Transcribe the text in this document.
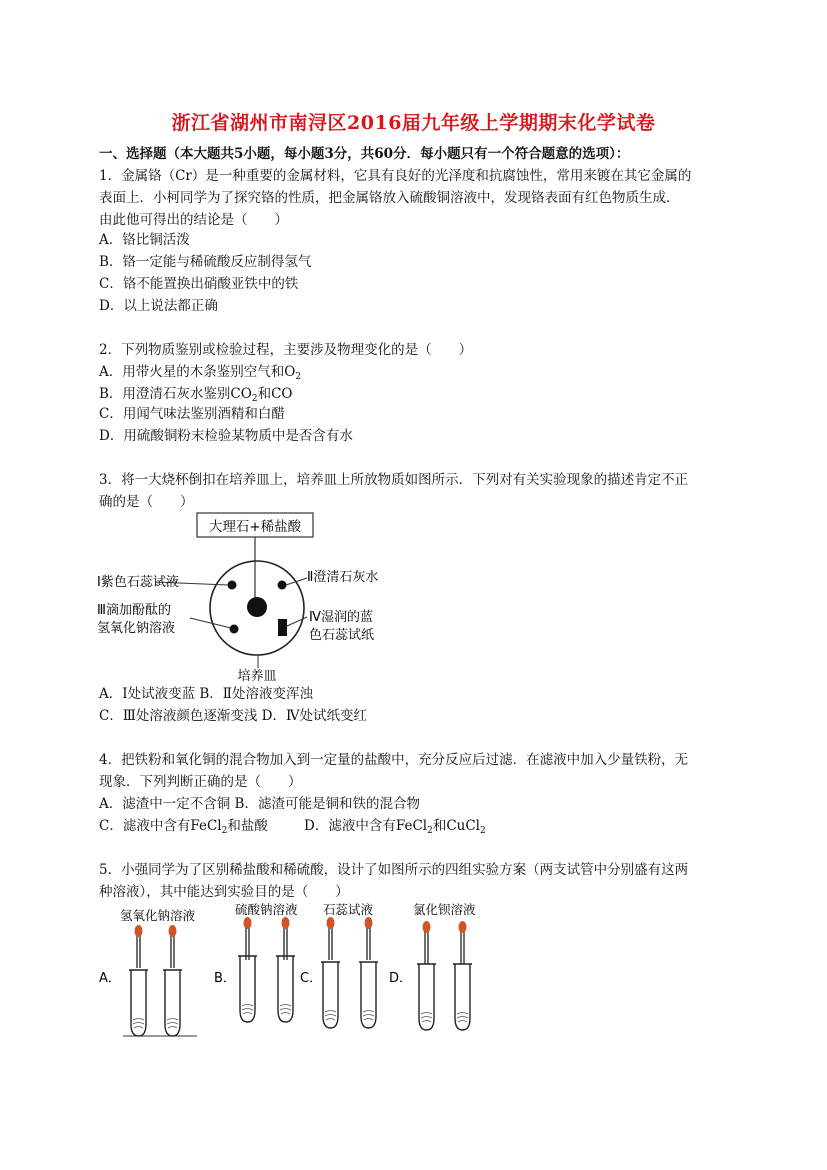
浙江省湖州市南浔区2016届九年级上学期期末化学试卷
一、选择题（本大题共5小题，每小题3分，共60分．每小题只有一个符合题意的选项）：
1．金属铬（Cr）是一种重要的金属材料，它具有良好的光泽度和抗腐蚀性，常用来镀在其它金属的
表面上．小柯同学为了探究铬的性质，把金属铬放入硫酸铜溶液中，发现铬表面有红色物质生成．
由此他可得出的结论是（　　）
A．铬比铜活泼
B．铬一定能与稀硫酸反应制得氢气
C．铬不能置换出硝酸亚铁中的铁
D．以上说法都正确
2．下列物质鉴别或检验过程，主要涉及物理变化的是（　　）
A．用带火星的木条鉴别空气和$O_2$
B．用澄清石灰水鉴别$CO_2$和CO
C．用闻气味法鉴别酒精和白醋
D．用硫酸铜粉末检验某物质中是否含有水
3．将一大烧杯倒扣在培养皿上，培养皿上所放物质如图所示．下列对有关实验现象的描述肯定不正
确的是（　　）
大理石+稀盐酸
Ⅰ紫色石蕊试液
Ⅲ滴加酚酞的
氢氧化钠溶液
Ⅱ澄清石灰水
Ⅳ湿润的蓝
色石蕊试纸
培养皿
A．Ⅰ处试液变蓝 B．Ⅱ处溶液变浑浊
C．Ⅲ处溶液颜色逐渐变浅 D．Ⅳ处试纸变红
4．把铁粉和氧化铜的混合物加入到一定量的盐酸中，充分反应后过滤．在滤液中加入少量铁粉，无
现象．下列判断正确的是（　　）
A．滤渣中一定不含铜 B．滤渣可能是铜和铁的混合物
C．滤液中含有FeCl$_2$和盐酸	D．滤液中含有FeCl$_2$和CuCl$_2$
5．小强同学为了区别稀盐酸和稀硫酸，设计了如图所示的四组实验方案（两支试管中分别盛有这两
种溶液），其中能达到实验目的是（　　）
A．
氢氧化钠溶液
B．
硫酸钠溶液
C．
石蕊试液
D．
氯化钡溶液
